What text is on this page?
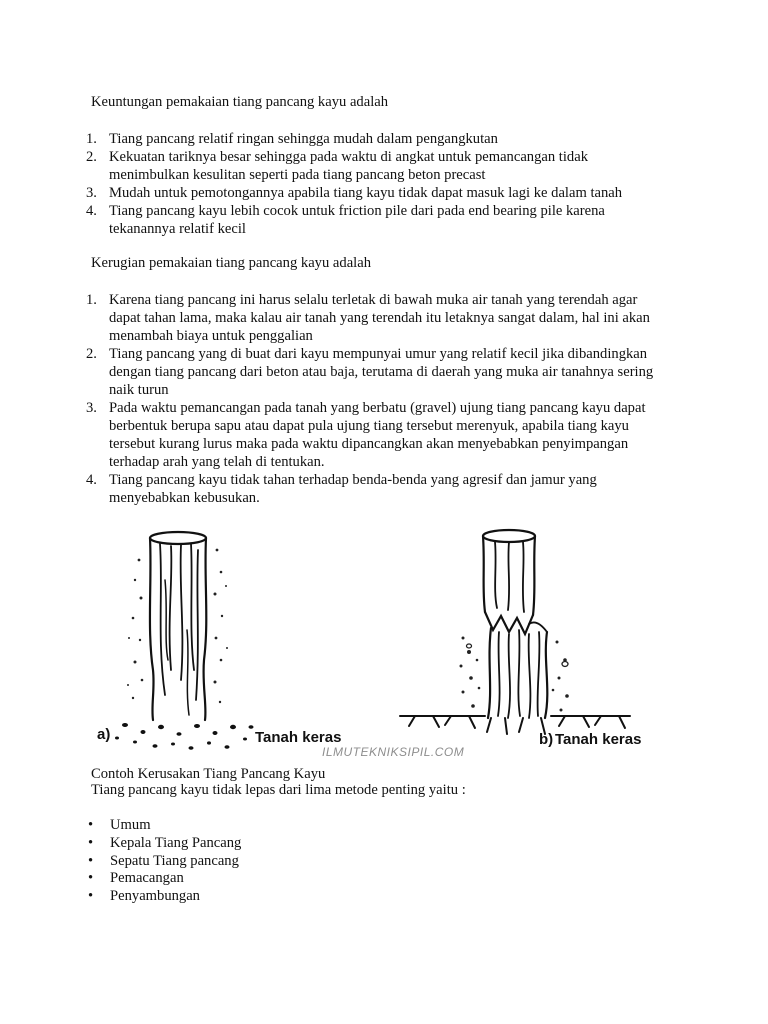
Keuntungan pemakaian tiang pancang kayu adalah
1. Tiang pancang relatif ringan sehingga mudah dalam pengangkutan
2. Kekuatan tariknya besar sehingga pada waktu di angkat untuk pemancangan tidak
menimbulkan kesulitan seperti pada tiang pancang beton precast
3. Mudah untuk pemotongannya apabila tiang kayu tidak dapat masuk lagi ke dalam tanah
4. Tiang pancang kayu lebih cocok untuk friction pile dari pada end bearing pile karena
tekanannya relatif kecil
Kerugian pemakaian tiang pancang kayu adalah
1. Karena tiang pancang ini harus selalu terletak di bawah muka air tanah yang terendah agar
dapat tahan lama, maka kalau air tanah yang terendah itu letaknya sangat dalam, hal ini akan
menambah biaya untuk penggalian
2. Tiang pancang yang di buat dari kayu mempunyai umur yang relatif kecil jika dibandingkan
dengan tiang pancang dari beton atau baja, terutama di daerah yang muka air tanahnya sering
naik turun
3. Pada waktu pemancangan pada tanah yang berbatu (gravel) ujung tiang pancang kayu dapat
berbentuk berupa sapu atau dapat pula ujung tiang tersebut merenyuk, apabila tiang kayu
tersebut kurang lurus maka pada waktu dipancangkan akan menyebabkan penyimpangan
terhadap arah yang telah di tentukan.
4. Tiang pancang kayu tidak tahan terhadap benda-benda yang agresif dan jamur yang
menyebabkan kebusukan.
a)	Tanah keras	b) Tanah keras
ILMUTEKNIKSIPIL.COM
Contoh Kerusakan Tiang Pancang Kayu
Tiang pancang kayu tidak lepas dari lima metode penting yaitu :
• Umum
• Kepala Tiang Pancang
• Sepatu Tiang pancang
• Pemacangan
• Penyambungan
